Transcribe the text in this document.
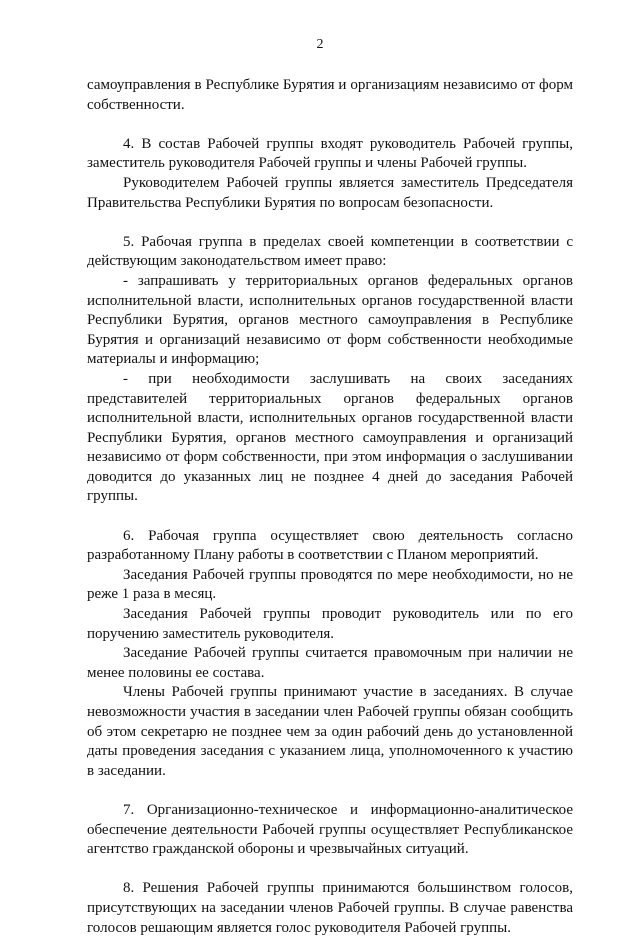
2

самоуправления в Республике Бурятия и организациям независимо от форм собственности.

4. В состав Рабочей группы входят руководитель Рабочей группы, заместитель руководителя Рабочей группы и члены Рабочей группы.

Руководителем Рабочей группы является заместитель Председателя Правительства Республики Бурятия по вопросам безопасности.

5. Рабочая группа в пределах своей компетенции в соответствии с действующим законодательством имеет право:

- запрашивать у территориальных органов федеральных органов исполнительной власти, исполнительных органов государственной власти Республики Бурятия, органов местного самоуправления в Республике Бурятия и организаций независимо от форм собственности необходимые материалы и информацию;

- при необходимости заслушивать на своих заседаниях представителей территориальных органов федеральных органов исполнительной власти, исполнительных органов государственной власти Республики Бурятия, органов местного самоуправления и организаций независимо от форм собственности, при этом информация о заслушивании доводится до указанных лиц не позднее 4 дней до заседания Рабочей группы.

6. Рабочая группа осуществляет свою деятельность согласно разработанному Плану работы в соответствии с Планом мероприятий.

Заседания Рабочей группы проводятся по мере необходимости, но не реже 1 раза в месяц.

Заседания Рабочей группы проводит руководитель или по его поручению заместитель руководителя.

Заседание Рабочей группы считается правомочным при наличии не менее половины ее состава.

Члены Рабочей группы принимают участие в заседаниях. В случае невозможности участия в заседании член Рабочей группы обязан сообщить об этом секретарю не позднее чем за один рабочий день до установленной даты проведения заседания с указанием лица, уполномоченного к участию в заседании.

7. Организационно-техническое и информационно-аналитическое обеспечение деятельности Рабочей группы осуществляет Республиканское агентство гражданской обороны и чрезвычайных ситуаций.

8. Решения Рабочей группы принимаются большинством голосов, присутствующих на заседании членов Рабочей группы. В случае равенства голосов решающим является голос руководителя Рабочей группы.
